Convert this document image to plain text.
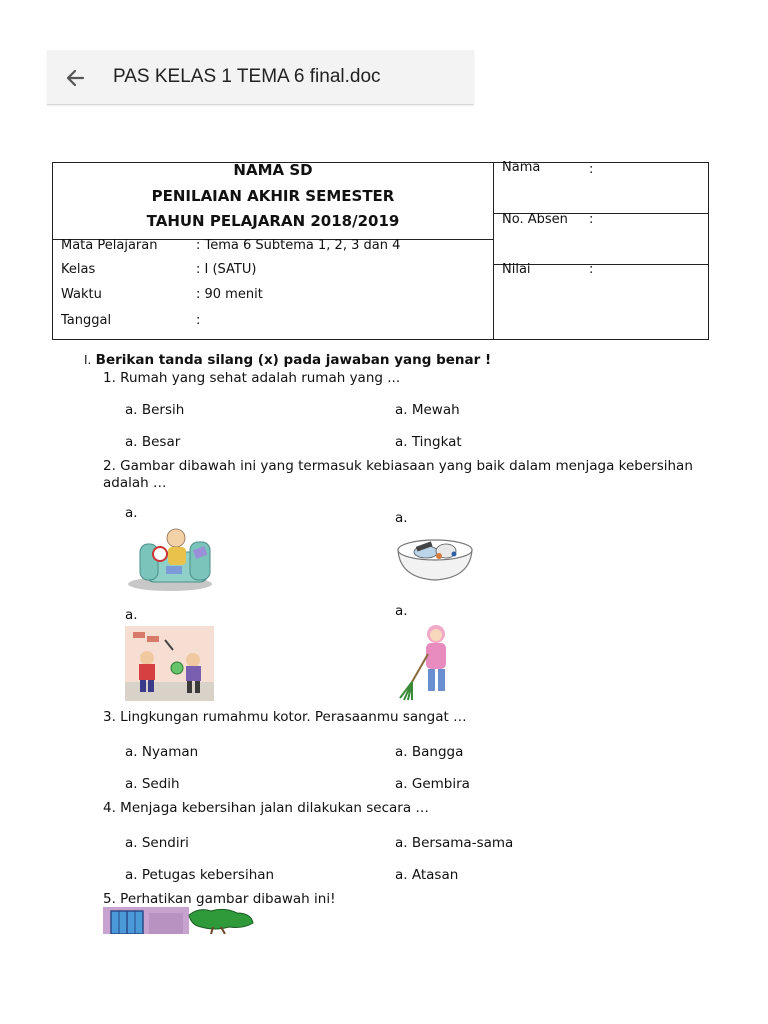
PAS KELAS 1 TEMA 6 final.doc
NAMA SD
PENILAIAN AKHIR SEMESTER
TAHUN PELAJARAN 2018/2019
Mata Pelajaran	: Tema 6 Subtema 1, 2, 3 dan 4
Kelas	: I (SATU)
Waktu	: 90 menit
Tanggal	:
Nama	:
No. Absen :
Nilai	:
I. Berikan tanda silang (x) pada jawaban yang benar !
1. Rumah yang sehat adalah rumah yang ...
a. Bersih	a. Mewah
a. Besar	a. Tingkat
2. Gambar dibawah ini yang termasuk kebiasaan yang baik dalam menjaga kebersihan
adalah …
a.	a.
a.	a.
3. Lingkungan rumahmu kotor. Perasaanmu sangat …
a. Nyaman	a. Bangga
a. Sedih	a. Gembira
4. Menjaga kebersihan jalan dilakukan secara …
a. Sendiri	a. Bersama-sama
a. Petugas kebersihan	a. Atasan
5. Perhatikan gambar dibawah ini!
